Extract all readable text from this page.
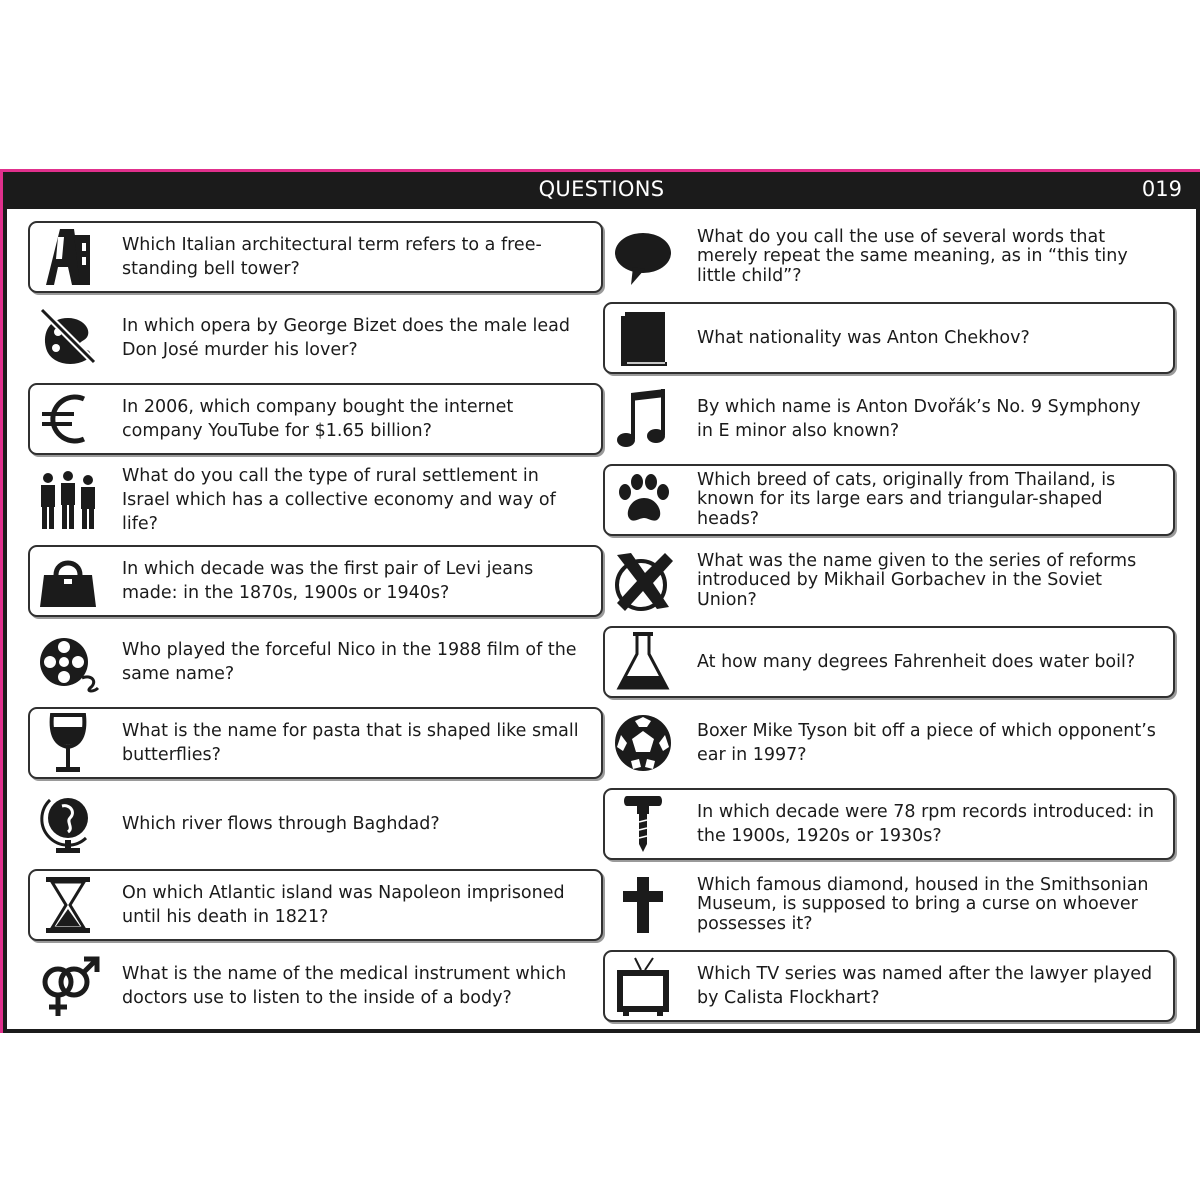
QUESTIONS	019
Which Italian architectural term refers to a free-standing bell tower?
In which opera by George Bizet does the male lead Don José murder his lover?
In 2006, which company bought the internet company YouTube for $1.65 billion?
What do you call the type of rural settlement in Israel which has a collective economy and way of life?
In which decade was the first pair of Levi jeans made: in the 1870s, 1900s or 1940s?
Who played the forceful Nico in the 1988 film of the same name?
What is the name for pasta that is shaped like small butterflies?
Which river flows through Baghdad?
On which Atlantic island was Napoleon imprisoned until his death in 1821?
What is the name of the medical instrument which doctors use to listen to the inside of a body?
What do you call the use of several words that merely repeat the same meaning, as in “this tiny little child”?
What nationality was Anton Chekhov?
By which name is Anton Dvořák’s No. 9 Symphony in E minor also known?
Which breed of cats, originally from Thailand, is known for its large ears and triangular-shaped heads?
What was the name given to the series of reforms introduced by Mikhail Gorbachev in the Soviet Union?
At how many degrees Fahrenheit does water boil?
Boxer Mike Tyson bit off a piece of which opponent’s ear in 1997?
In which decade were 78 rpm records introduced: in the 1900s, 1920s or 1930s?
Which famous diamond, housed in the Smithsonian Museum, is supposed to bring a curse on whoever possesses it?
Which TV series was named after the lawyer played by Calista Flockhart?
